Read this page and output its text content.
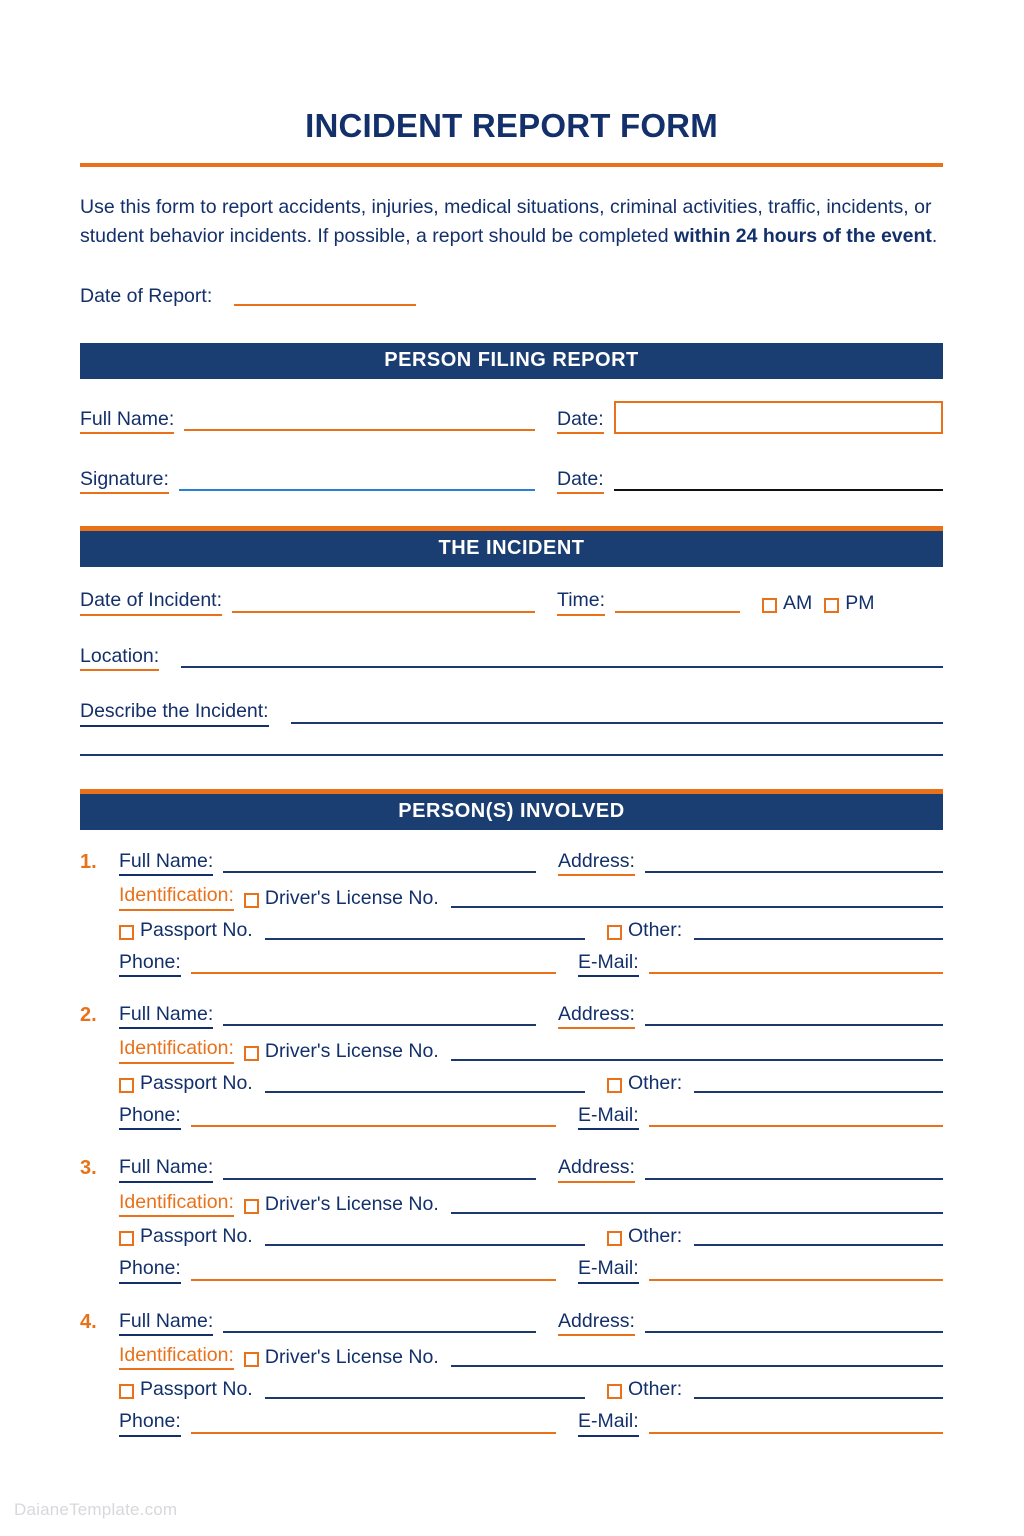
INCIDENT REPORT FORM
Use this form to report accidents, injuries, medical situations, criminal activities, traffic, incidents, or student behavior incidents. If possible, a report should be completed within 24 hours of the event.
Date of Report:
PERSON FILING REPORT
Full Name:	Date:
Signature:	Date:
THE INCIDENT
Date of Incident:	Time:	AM PM
Location:
Describe the Incident:
PERSON(S) INVOLVED
1.	Full Name:	Address:
Identification: Driver's License No.
Passport No.	Other:
Phone:	E-Mail:
2.	Full Name:	Address:
Identification: Driver's License No.
Passport No.	Other:
Phone:	E-Mail:
3.	Full Name:	Address:
Identification: Driver's License No.
Passport No.	Other:
Phone:	E-Mail:
4.	Full Name:	Address:
Identification: Driver's License No.
Passport No.	Other:
Phone:	E-Mail:
DaianeTemplate.com
